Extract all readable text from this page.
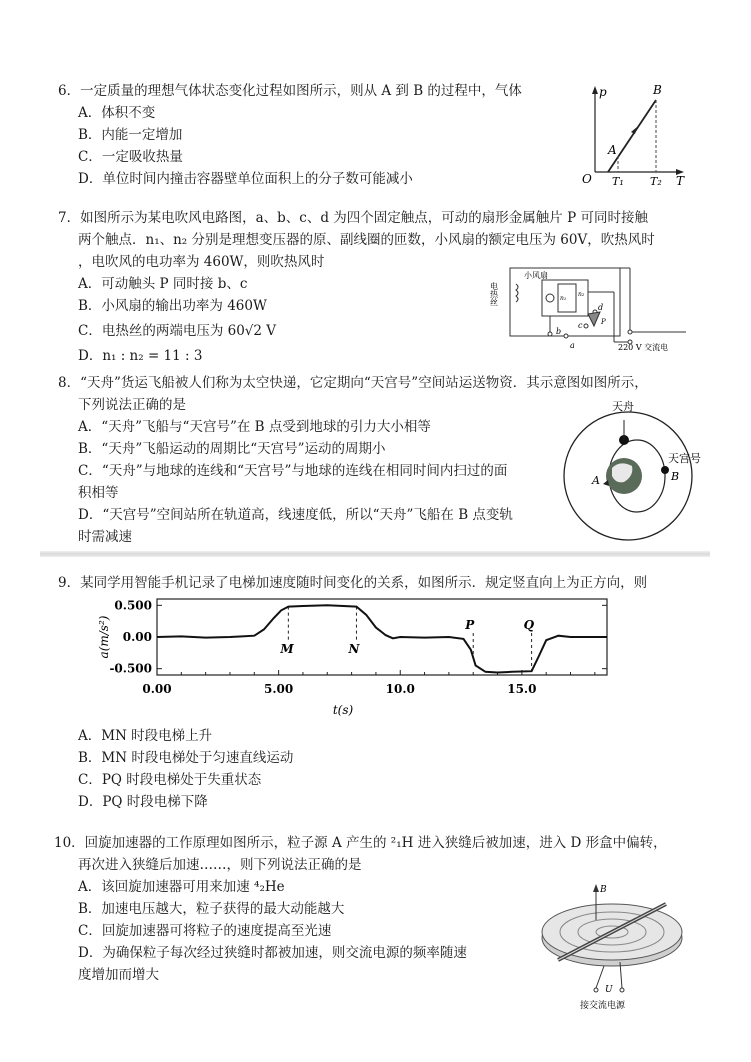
6．一定质量的理想气体状态变化过程如图所示，则从 A 到 B 的过程中，气体
A．体积不变
B．内能一定增加
C．一定吸收热量
D．单位时间内撞击容器壁单位面积上的分子数可能减小
p	B
A
O T₁ T₂ T
7．如图所示为某电吹风电路图，a、b、c、d 为四个固定触点，可动的扇形金属触片 P 可同时接触
两个触点．n₁、n₂ 分别是理想变压器的原、副线圈的匝数，小风扇的额定电压为 60V，吹热风时
，电吹风的电功率为 460W，则吹热风时
A．可动触头 P 同时接 b、c
B．小风扇的输出功率为 460W
C．电热丝的两端电压为 60√2 V
D．n₁ : n₂ = 11 : 3
小风扇
电热丝	n₁
n₂
d
c
b
a
P
220 V 交流电
8．“天舟”货运飞船被人们称为太空快递，它定期向“天宫号”空间站运送物资．其示意图如图所示，
下列说法正确的是
A．“天舟”飞船与“天宫号”在 B 点受到地球的引力大小相等
B．“天舟”飞船运动的周期比“天宫号”运动的周期小
C．“天舟”与地球的连线和“天宫号”与地球的连线在相同时间内扫过的面
积相等
D．“天宫号”空间站所在轨道高，线速度低，所以“天舟”飞船在 B 点变轨
时需减速
天舟
天宫号
A	B
9．某同学用智能手机记录了电梯加速度随时间变化的关系，如图所示．规定竖直向上为正方向，则
0.500
0.00
-0.500
0.00	5.00	10.0	15.0
M	N
P	Q
a(m/s²)
t(s)
A．MN 时段电梯上升
B．MN 时段电梯处于匀速直线运动
C．PQ 时段电梯处于失重状态
D．PQ 时段电梯下降
10．回旋加速器的工作原理如图所示，粒子源 A 产生的 ²₁H 进入狭缝后被加速，进入 D 形盒中偏转，
再次进入狭缝后加速……，则下列说法正确的是
A．该回旋加速器可用来加速 ⁴₂He
B．加速电压越大，粒子获得的最大动能越大
C．回旋加速器可将粒子的速度提高至光速
D．为确保粒子每次经过狭缝时都被加速，则交流电源的频率随速
度增加而增大
B
U
接交流电源
